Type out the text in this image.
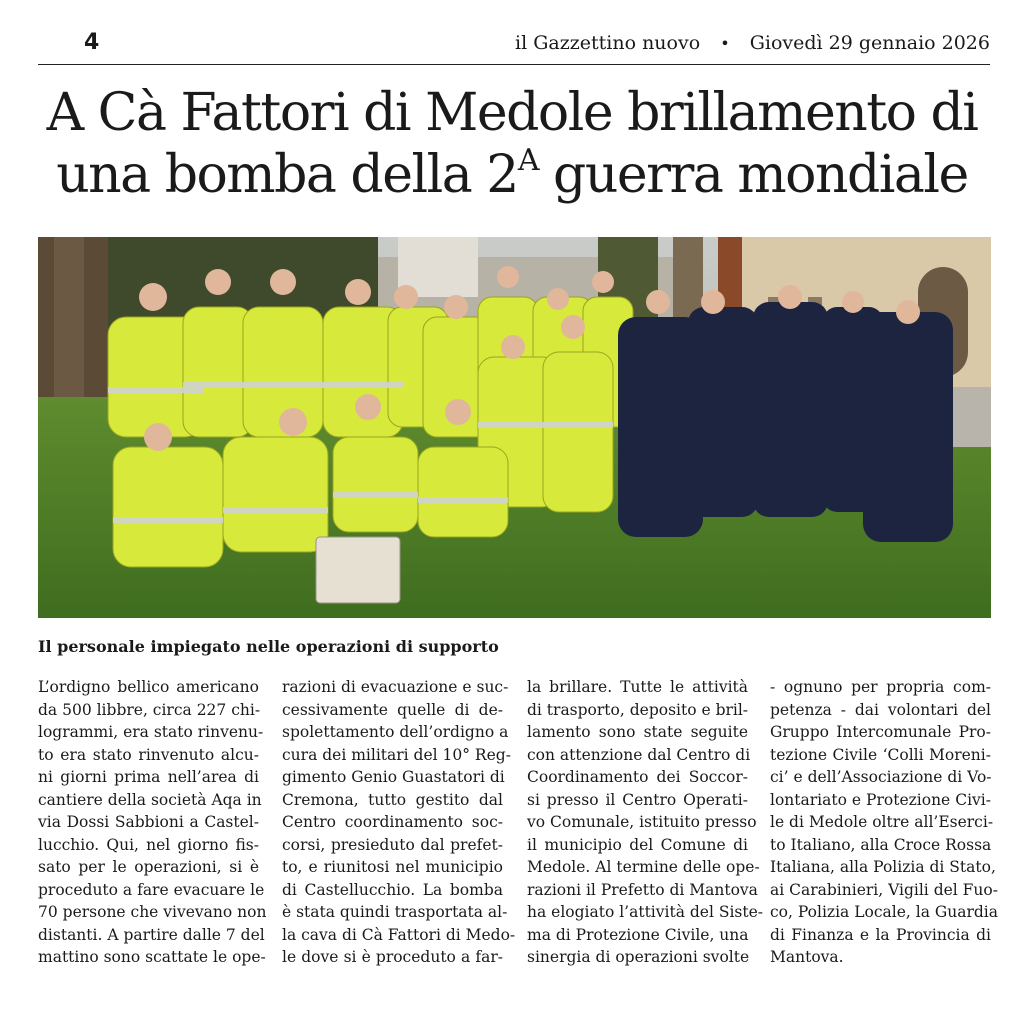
4	il Gazzettino nuovo • Giovedì 29 gennaio 2026
A Cà Fattori di Medole brillamento di
una bomba della $2^A$ guerra mondiale
Il personale impiegato nelle operazioni di supporto
L’ordigno bellico americano
da 500 libbre, circa 227 chi-
logrammi, era stato rinvenu-
to era stato rinvenuto alcu-
ni giorni prima nell’area di
cantiere della società Aqa in
via Dossi Sabbioni a Castel-
lucchio. Qui, nel giorno fis-
sato per le operazioni, si è
proceduto a fare evacuare le
70 persone che vivevano non
distanti. A partire dalle 7 del
mattino sono scattate le ope-
razioni di evacuazione e suc-
cessivamente quelle di de-
spolettamento dell’ordigno a
cura dei militari del 10° Reg-
gimento Genio Guastatori di
Cremona, tutto gestito dal
Centro coordinamento soc-
corsi, presieduto dal prefet-
to, e riunitosi nel municipio
di Castellucchio. La bomba
è stata quindi trasportata al-
la cava di Cà Fattori di Medo-
le dove si è proceduto a far-
la brillare. Tutte le attività
di trasporto, deposito e bril-
lamento sono state seguite
con attenzione dal Centro di
Coordinamento dei Soccor-
si presso il Centro Operati-
vo Comunale, istituito presso
il municipio del Comune di
Medole. Al termine delle ope-
razioni il Prefetto di Mantova
ha elogiato l’attività del Siste-
ma di Protezione Civile, una
sinergia di operazioni svolte
- ognuno per propria com-
petenza - dai volontari del
Gruppo Intercomunale Pro-
tezione Civile ‘Colli Moreni-
ci’ e dell’Associazione di Vo-
lontariato e Protezione Civi-
le di Medole oltre all’Eserci-
to Italiano, alla Croce Rossa
Italiana, alla Polizia di Stato,
ai Carabinieri, Vigili del Fuo-
co, Polizia Locale, la Guardia
di Finanza e la Provincia di
Mantova.
